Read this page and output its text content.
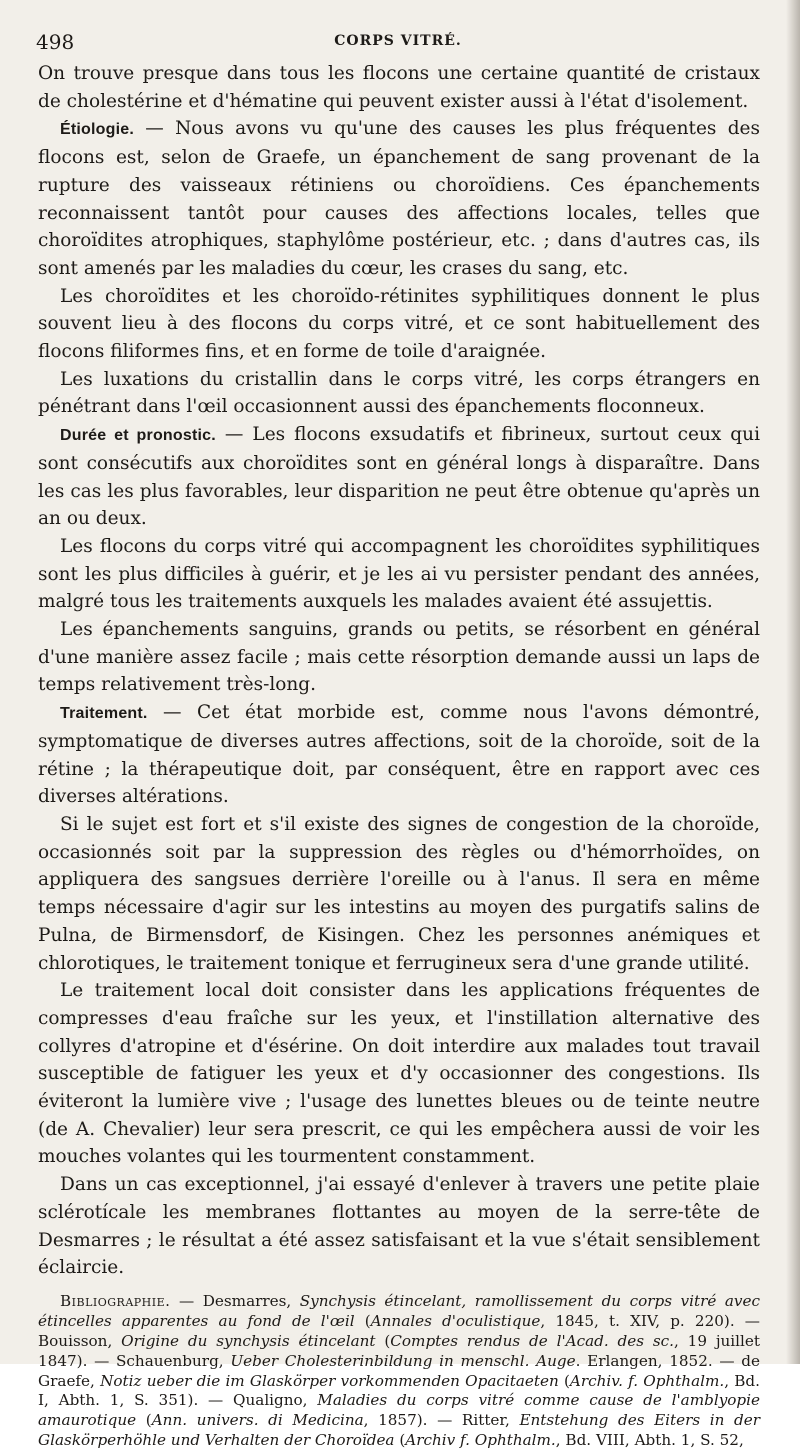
498	CORPS VITRÉ.

On trouve presque dans tous les flocons une certaine quantité de cristaux de cholestérine et d'hématine qui peuvent exister aussi à l'état d'isolement.

Étiologie. — Nous avons vu qu'une des causes les plus fréquentes des flocons est, selon de Graefe, un épanchement de sang provenant de la rupture des vaisseaux rétiniens ou choroïdiens. Ces épanchements reconnaissent tantôt pour causes des affections locales, telles que choroïdites atrophiques, staphylôme postérieur, etc. ; dans d'autres cas, ils sont amenés par les maladies du cœur, les crases du sang, etc.

Les choroïdites et les choroïdo-rétinites syphilitiques donnent le plus souvent lieu à des flocons du corps vitré, et ce sont habituellement des flocons filiformes fins, et en forme de toile d'araignée.

Les luxations du cristallin dans le corps vitré, les corps étrangers en pénétrant dans l'œil occasionnent aussi des épanchements floconneux.

Durée et pronostic. — Les flocons exsudatifs et fibrineux, surtout ceux qui sont consécutifs aux choroïdites sont en général longs à disparaître. Dans les cas les plus favorables, leur disparition ne peut être obtenue qu'après un an ou deux.

Les flocons du corps vitré qui accompagnent les choroïdites syphilitiques sont les plus difficiles à guérir, et je les ai vu persister pendant des années, malgré tous les traitements auxquels les malades avaient été assujettis.

Les épanchements sanguins, grands ou petits, se résorbent en général d'une manière assez facile ; mais cette résorption demande aussi un laps de temps relativement très-long.

Traitement. — Cet état morbide est, comme nous l'avons démontré, symptomatique de diverses autres affections, soit de la choroïde, soit de la rétine ; la thérapeutique doit, par conséquent, être en rapport avec ces diverses altérations.

Si le sujet est fort et s'il existe des signes de congestion de la choroïde, occasionnés soit par la suppression des règles ou d'hémorrhoïdes, on appliquera des sangsues derrière l'oreille ou à l'anus. Il sera en même temps nécessaire d'agir sur les intestins au moyen des purgatifs salins de Pulna, de Birmensdorf, de Kisingen. Chez les personnes anémiques et chlorotiques, le traitement tonique et ferrugineux sera d'une grande utilité.

Le traitement local doit consister dans les applications fréquentes de compresses d'eau fraîche sur les yeux, et l'instillation alternative des collyres d'atropine et d'ésérine. On doit interdire aux malades tout travail susceptible de fatiguer les yeux et d'y occasionner des congestions. Ils éviteront la lumière vive ; l'usage des lunettes bleues ou de teinte neutre (de A. Chevalier) leur sera prescrit, ce qui les empêchera aussi de voir les mouches volantes qui les tourmentent constamment.

Dans un cas exceptionnel, j'ai essayé d'enlever à travers une petite plaie sclérotícale les membranes flottantes au moyen de la serre-tête de Desmarres ; le résultat a été assez satisfaisant et la vue s'était sensiblement éclaircie.

Bibliographie. — Desmarres, Synchysis étincelant, ramollissement du corps vitré avec étincelles apparentes au fond de l'œil (Annales d'oculistique, 1845, t. XIV, p. 220). — Bouisson, Origine du synchysis étincelant (Comptes rendus de l'Acad. des sc., 19 juillet 1847). — Schauenburg, Ueber Cholesterinbildung in menschl. Auge. Erlangen, 1852. — de Graefe, Notiz ueber die im Glaskörper vorkommenden Opacitaeten (Archiv. f. Ophthalm., Bd. I, Abth. 1, S. 351). — Qualigno, Maladies du corps vitré comme cause de l'amblyopie amaurotique (Ann. univers. di Medicina, 1857). — Ritter, Entstehung des Eiters in der Glaskörperhöhle und Verhalten der Choroïdea (Archiv f. Ophthalm., Bd. VIII, Abth. 1, S. 52,
